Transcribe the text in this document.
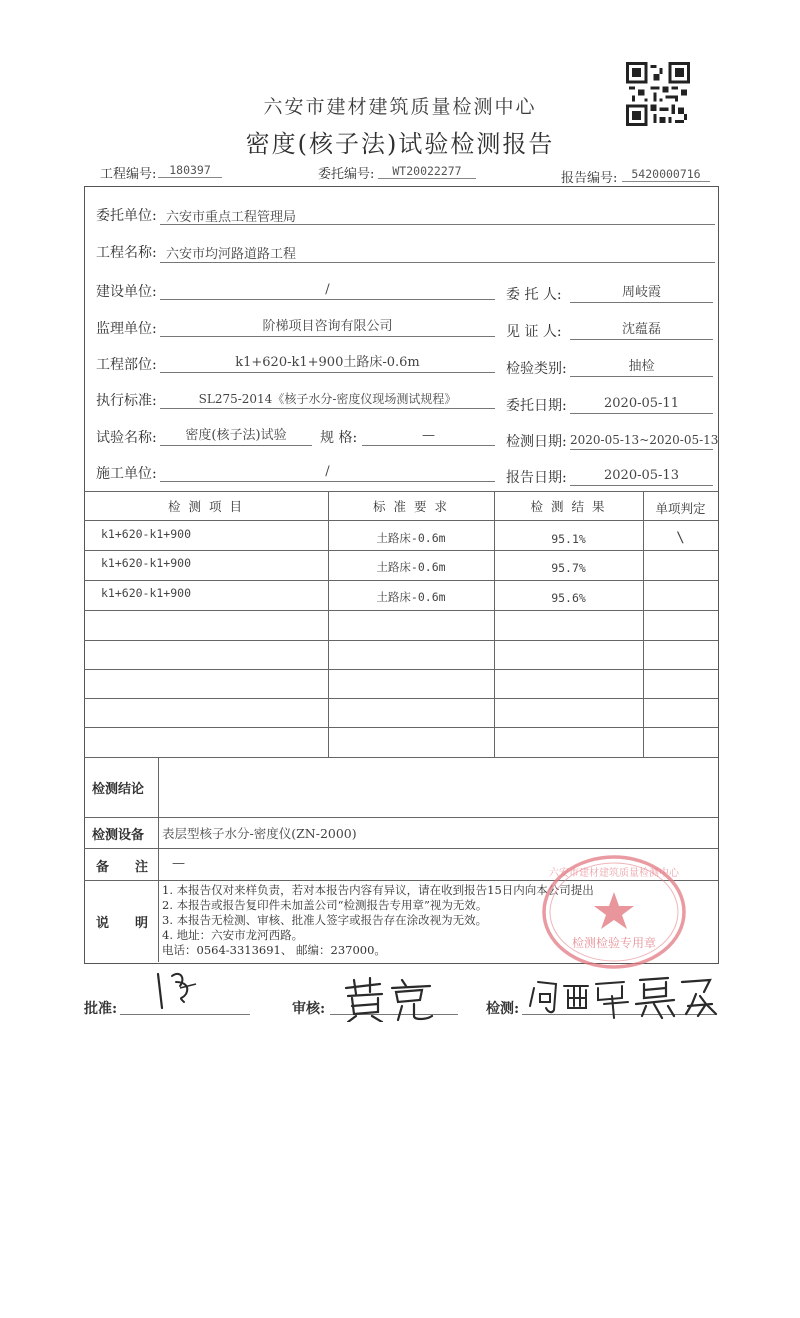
六安市建材建筑质量检测中心
密度(核子法)试验检测报告
工程编号:	180397	委托编号:	WT20022277	报告编号:	5420000716
委托单位: 六安市重点工程管理局
工程名称: 六安市均河路道路工程
建设单位:	/	委 托 人:	周岐霞
监理单位:	阶梯项目咨询有限公司	见 证 人:	沈蕴磊
工程部位:	k1+620-k1+900土路床-0.6m	检验类别:	抽检
执行标准:	SL275-2014《核子水分-密度仪现场测试规程》	委托日期:	2020-05-11
试验名称:	密度(核子法)试验	规 格:	—	检测日期: 2020-05-13~2020-05-13
施工单位:	/	报告日期:	2020-05-13
检 测 项 目	标 准 要 求	检 测 结 果	单项判定
k1+620-k1+900	土路床-0.6m	95.1%	\
k1+620-k1+900	土路床-0.6m	95.7%
k1+620-k1+900	土路床-0.6m	95.6%
检测结论
检测设备 表层型核子水分-密度仪(ZN-2000)
备　　注 —
说　　明
1. 本报告仅对来样负责，若对本报告内容有异议，请在收到报告15日内向本公司提出
2. 本报告或报告复印件未加盖公司“检测报告专用章”视为无效。
3. 本报告无检测、审核、批准人签字或报告存在涂改视为无效。
4. 地址：六安市龙河西路。
电话：0564-3313691、 邮编：237000。	检测检验专用章
六安市建材建筑质量检测中心
批准:	审核:	检测:
